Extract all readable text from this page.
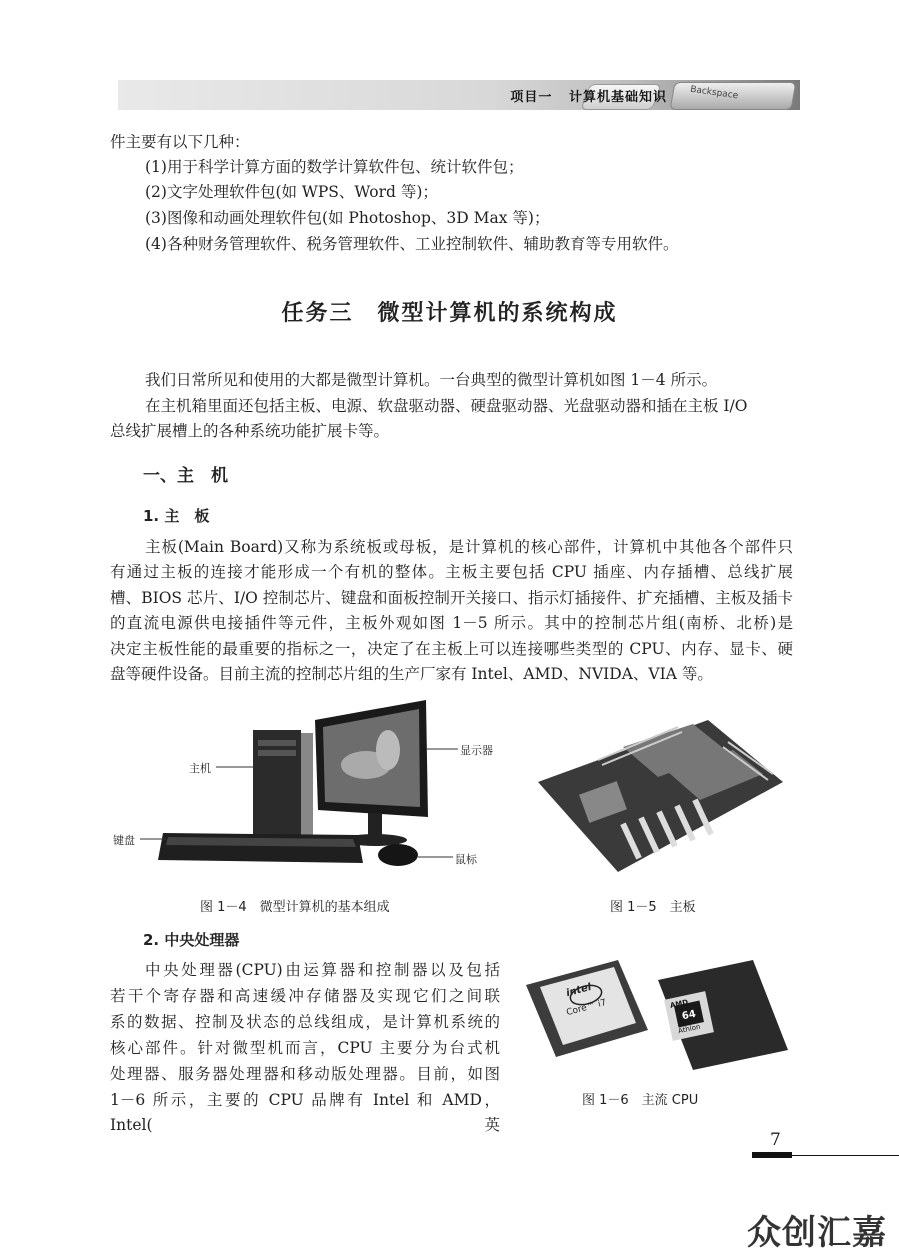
Backspace
项目一 计算机基础知识
件主要有以下几种：
(1)用于科学计算方面的数学计算软件包、统计软件包；
(2)文字处理软件包(如 WPS、Word 等)；
(3)图像和动画处理软件包(如 Photoshop、3D Max 等)；
(4)各种财务管理软件、税务管理软件、工业控制软件、辅助教育等专用软件。
任务三　微型计算机的系统构成
我们日常所见和使用的大都是微型计算机。一台典型的微型计算机如图 1－4 所示。
在主机箱里面还包括主板、电源、软盘驱动器、硬盘驱动器、光盘驱动器和插在主板 I/O
总线扩展槽上的各种系统功能扩展卡等。
一、主　机
1. 主　板
主板(Main Board)又称为系统板或母板，是计算机的核心部件，计算机中其他各个部件只
有通过主板的连接才能形成一个有机的整体。主板主要包括 CPU 插座、内存插槽、总线扩展
槽、BIOS 芯片、I/O 控制芯片、键盘和面板控制开关接口、指示灯插接件、扩充插槽、主板及插卡
的直流电源供电接插件等元件，主板外观如图 1－5 所示。其中的控制芯片组(南桥、北桥)是
决定主板性能的最重要的指标之一，决定了在主板上可以连接哪些类型的 CPU、内存、显卡、硬
盘等硬件设备。目前主流的控制芯片组的生产厂家有 Intel、AMD、NVIDA、VIA 等。
主机
显示器
键盘
鼠标
图 1－4　微型计算机的基本组成	图 1－5　主板
2. 中央处理器
中央处理器(CPU)由运算器和控制器以及包括
若干个寄存器和高速缓冲存储器及实现它们之间联
系的数据、控制及状态的总线组成，是计算机系统的
核心部件。针对微型机而言，CPU 主要分为台式机
处理器、服务器处理器和移动版处理器。目前，如图
1－6 所示，主要的 CPU 品牌有 Intel 和 AMD，Intel(英
intel
Core™ i7	AMD
64
Athlon
图 1－6　主流 CPU
7
众创汇嘉
